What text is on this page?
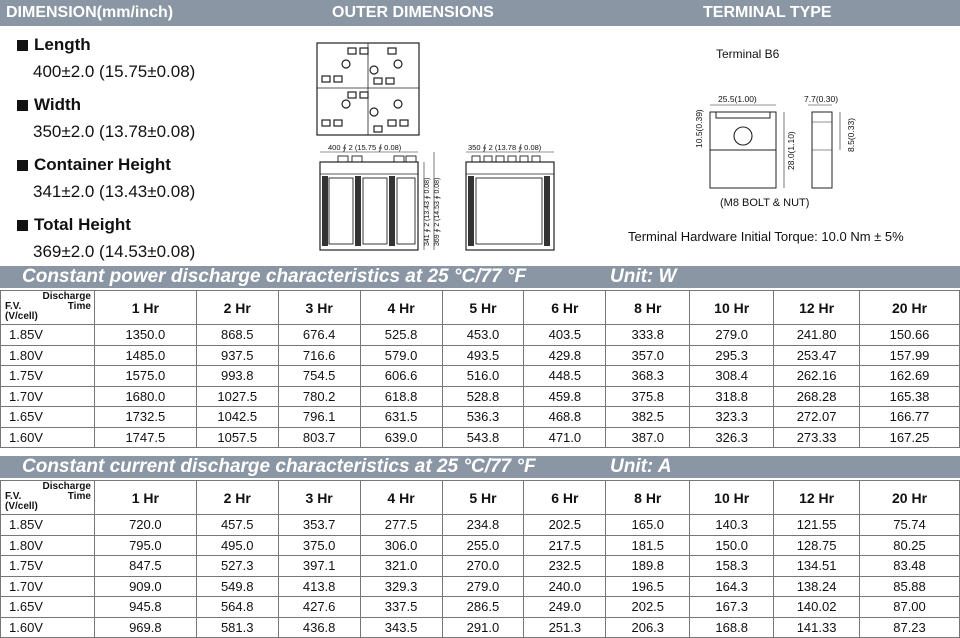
DIMENSION(mm/inch)	OUTER DIMENSIONS	TERMINAL TYPE
Length
400±2.0 (15.75±0.08)
Width
350±2.0 (13.78±0.08)
Container Height
341±2.0 (13.43±0.08)
Total Height
369±2.0 (14.53±0.08)
400 ∮ 2 (15.75 ∮ 0.08)
341 ∮ 2 (13.43 ∮ 0.08) 369 ∮ 2 (14.53 ∮ 0.08)
350 ∮ 2 (13.78 ∮ 0.08)
Terminal B6
25.5(1.00)	7.7(0.30)
10.5(0.39)
28.0(1.10)	8.5(0.33)
(M8 BOLT & NUT)
Terminal Hardware Initial Torque: 10.0 Nm ± 5%
Constant power discharge characteristics at 25 °C/77 °F	Unit: W
Discharge
Time
F.V.
(V/cell)	1 Hr	2 Hr	3 Hr	4 Hr	5 Hr	6 Hr	8 Hr	10 Hr	12 Hr	20 Hr
1.85V	1350.0	868.5	676.4	525.8	453.0	403.5	333.8	279.0	241.80	150.66
1.80V	1485.0	937.5	716.6	579.0	493.5	429.8	357.0	295.3	253.47	157.99
1.75V	1575.0	993.8	754.5	606.6	516.0	448.5	368.3	308.4	262.16	162.69
1.70V	1680.0	1027.5	780.2	618.8	528.8	459.8	375.8	318.8	268.28	165.38
1.65V	1732.5	1042.5	796.1	631.5	536.3	468.8	382.5	323.3	272.07	166.77
1.60V	1747.5	1057.5	803.7	639.0	543.8	471.0	387.0	326.3	273.33	167.25
Constant current discharge characteristics at 25 °C/77 °F	Unit: A
Discharge
Time
F.V.
(V/cell)	1 Hr	2 Hr	3 Hr	4 Hr	5 Hr	6 Hr	8 Hr	10 Hr	12 Hr	20 Hr
1.85V	720.0	457.5	353.7	277.5	234.8	202.5	165.0	140.3	121.55	75.74
1.80V	795.0	495.0	375.0	306.0	255.0	217.5	181.5	150.0	128.75	80.25
1.75V	847.5	527.3	397.1	321.0	270.0	232.5	189.8	158.3	134.51	83.48
1.70V	909.0	549.8	413.8	329.3	279.0	240.0	196.5	164.3	138.24	85.88
1.65V	945.8	564.8	427.6	337.5	286.5	249.0	202.5	167.3	140.02	87.00
1.60V	969.8	581.3	436.8	343.5	291.0	251.3	206.3	168.8	141.33	87.23
